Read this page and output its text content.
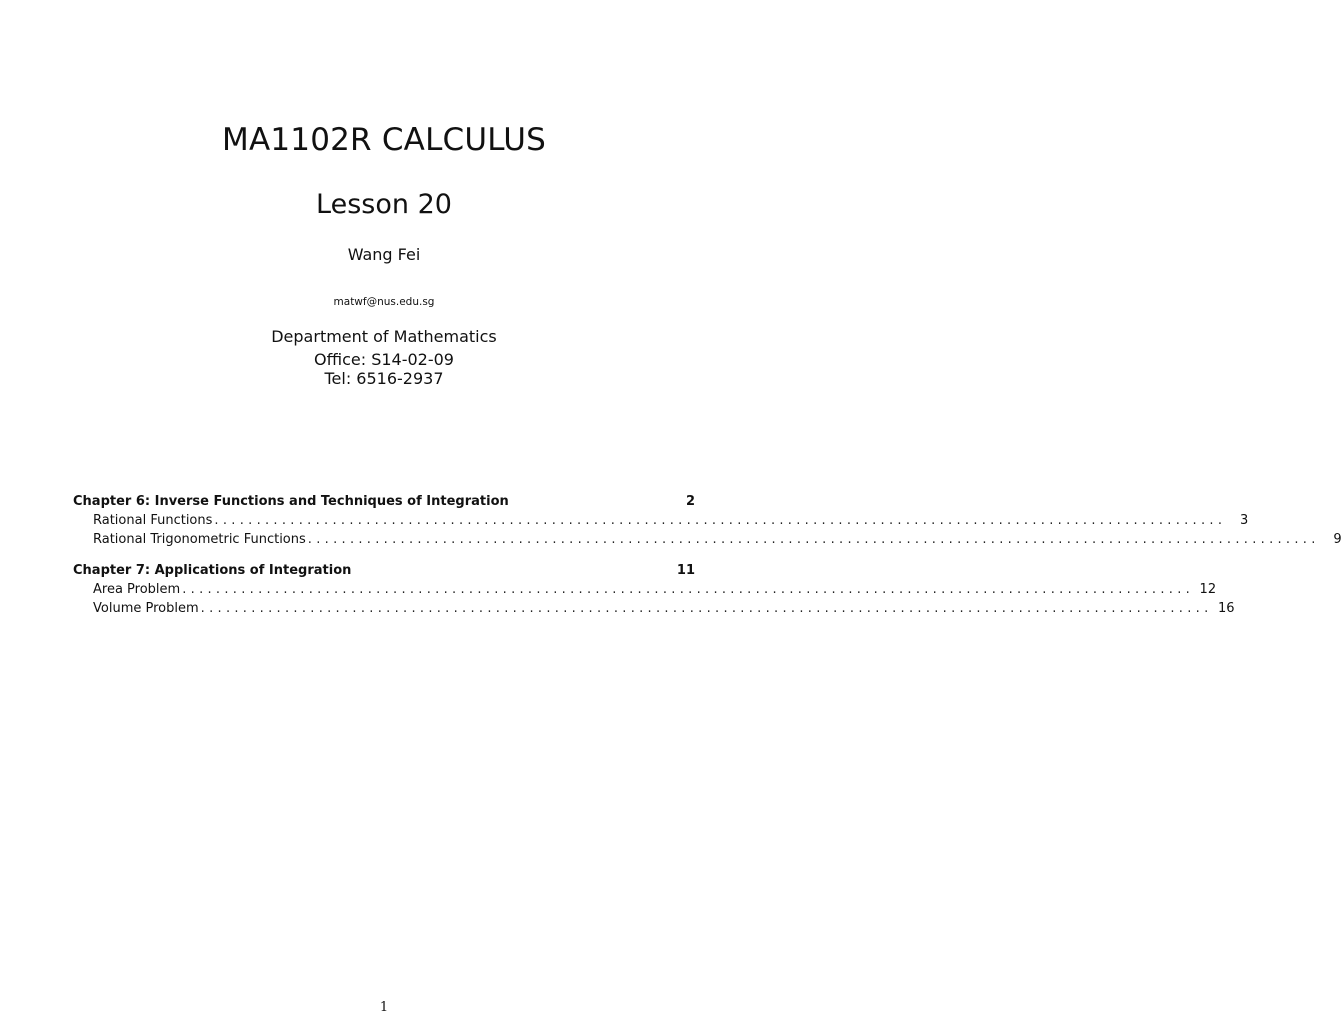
MA1102R CALCULUS
Lesson 20
Wang Fei
matwf@nus.edu.sg
Department of Mathematics
Office: S14-02-09
Tel: 6516-2937
Chapter 6: Inverse Functions and Techniques of Integration	2
Rational Functions ........................................................................................................................	3
Rational Trigonometric Functions ........................................................................................................................	9
Chapter 7: Applications of Integration	11
Area Problem ........................................................................................................................ 12
Volume Problem ........................................................................................................................ 16
1
